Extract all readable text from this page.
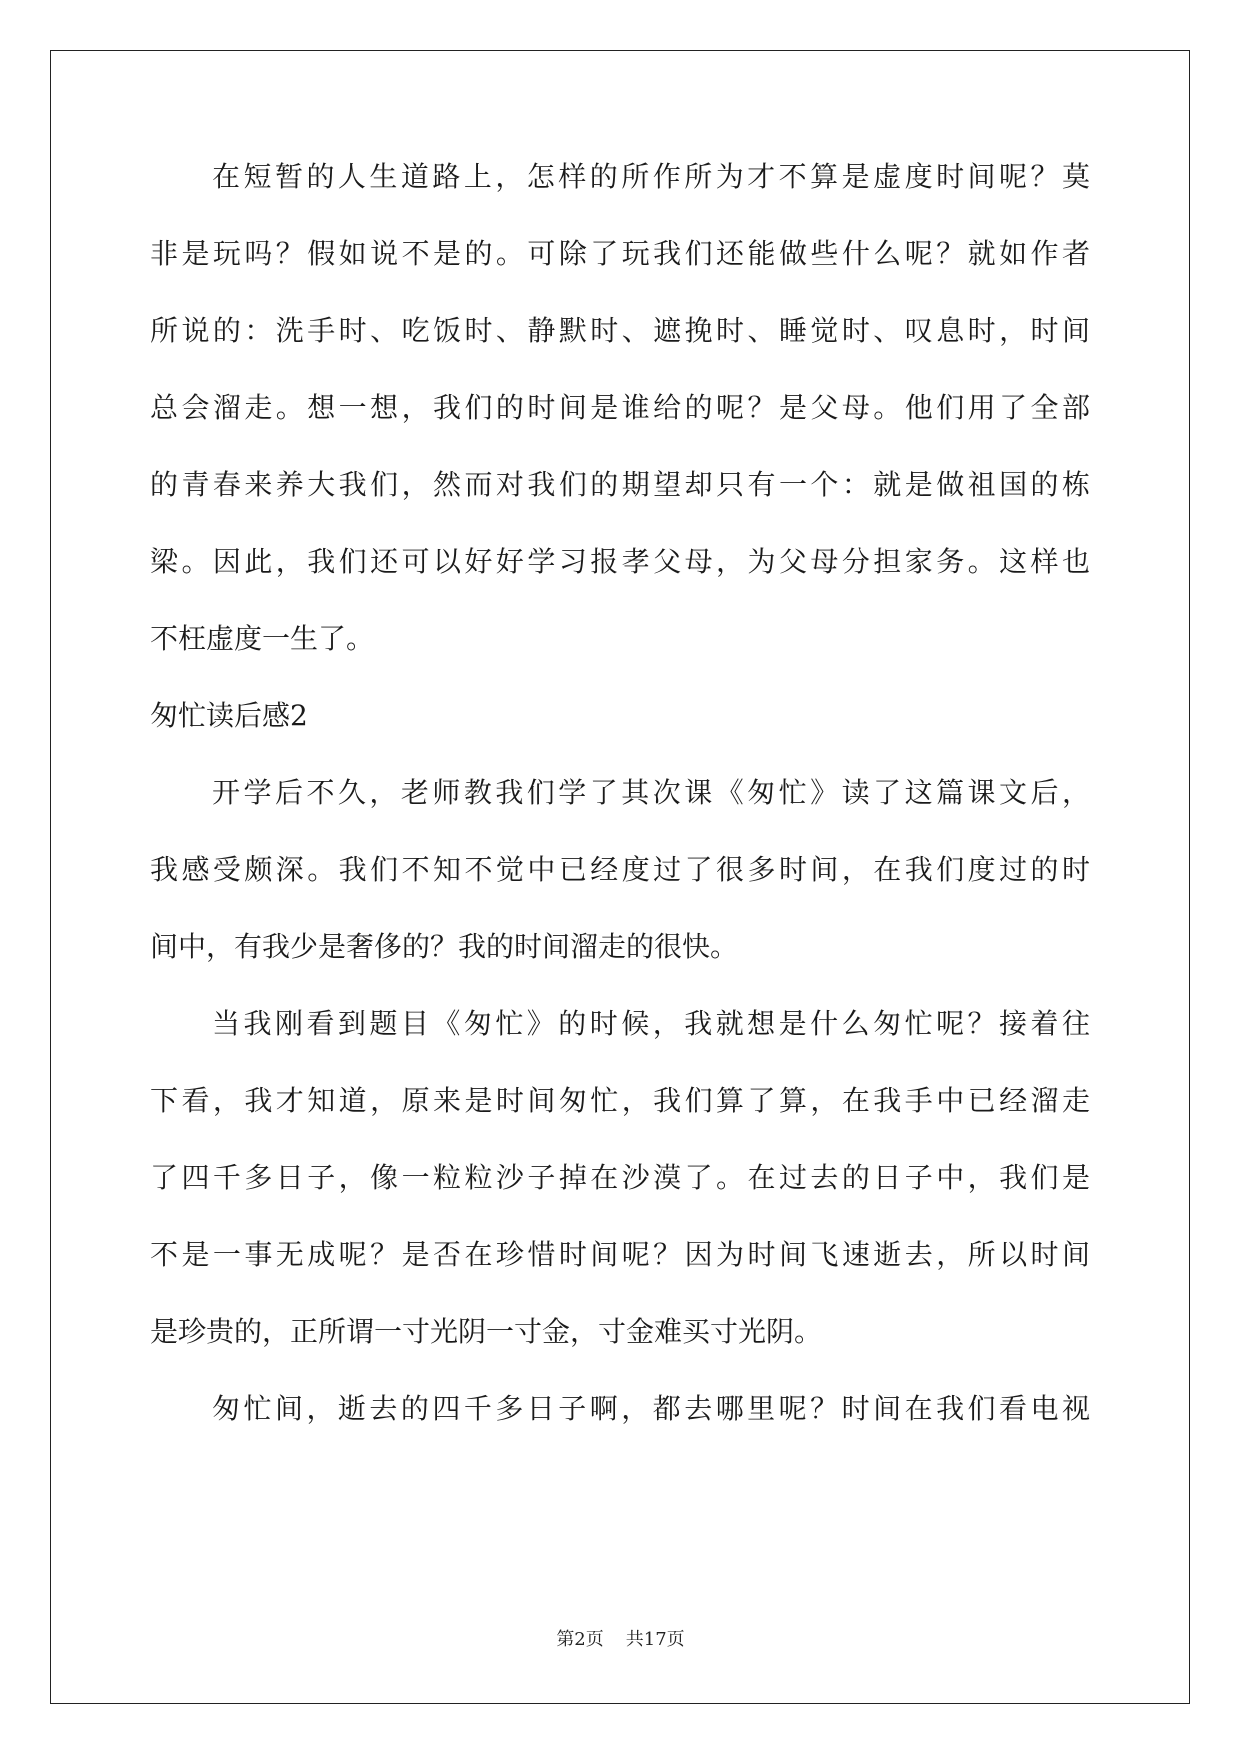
在短暂的人生道路上，怎样的所作所为才不算是虚度时间呢？莫
非是玩吗？假如说不是的。可除了玩我们还能做些什么呢？就如作者
所说的：洗手时、吃饭时、静默时、遮挽时、睡觉时、叹息时，时间
总会溜走。想一想，我们的时间是谁给的呢？是父母。他们用了全部
的青春来养大我们，然而对我们的期望却只有一个：就是做祖国的栋
梁。因此，我们还可以好好学习报孝父母，为父母分担家务。这样也
不枉虚度一生了。
匆忙读后感2
开学后不久，老师教我们学了其次课《匆忙》读了这篇课文后，
我感受颇深。我们不知不觉中已经度过了很多时间，在我们度过的时
间中，有我少是奢侈的？我的时间溜走的很快。
当我刚看到题目《匆忙》的时候，我就想是什么匆忙呢？接着往
下看，我才知道，原来是时间匆忙，我们算了算，在我手中已经溜走
了四千多日子，像一粒粒沙子掉在沙漠了。在过去的日子中，我们是
不是一事无成呢？是否在珍惜时间呢？因为时间飞速逝去，所以时间
是珍贵的，正所谓一寸光阴一寸金，寸金难买寸光阴。
匆忙间，逝去的四千多日子啊，都去哪里呢？时间在我们看电视
第2页 共17页
